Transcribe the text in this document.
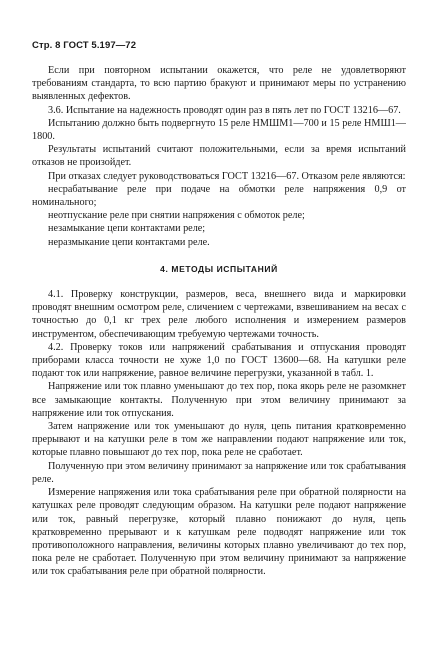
Стр. 8 ГОСТ 5.197—72

Если при повторном испытании окажется, что реле не удовлетворяют требованиям стандарта, то всю партию бракуют и принимают меры по устранению выявленных дефектов.

3.6. Испытание на надежность проводят один раз в пять лет по ГОСТ 13216—67.

Испытанию должно быть подвергнуто 15 реле НМШМ1—700 и 15 реле НМШ1—1800.

Результаты испытаний считают положительными, если за время испытаний отказов не произойдет.

При отказах следует руководствоваться ГОСТ 13216—67. Отказом реле являются:

несрабатывание реле при подаче на обмотки реле напряжения 0,9 от номинального;

неотпускание реле при снятии напряжения с обмоток реле;

незамыкание цепи контактами реле;

неразмыкание цепи контактами реле.

4. МЕТОДЫ ИСПЫТАНИЙ

4.1. Проверку конструкции, размеров, веса, внешнего вида и маркировки проводят внешним осмотром реле, сличением с чертежами, взвешиванием на весах с точностью до 0,1 кг трех реле любого исполнения и измерением размеров инструментом, обеспечивающим требуемую чертежами точность.

4.2. Проверку токов или напряжений срабатывания и отпускания проводят приборами класса точности не хуже 1,0 по ГОСТ 13600—68. На катушки реле подают ток или напряжение, равное величине перегрузки, указанной в табл. 1.

Напряжение или ток плавно уменьшают до тех пор, пока якорь реле не разомкнет все замыкающие контакты. Полученную при этом величину принимают за напряжение или ток отпускания.

Затем напряжение или ток уменьшают до нуля, цепь питания кратковременно прерывают и на катушки реле в том же направлении подают напряжение или ток, которые плавно повышают до тех пор, пока реле не сработает.

Полученную при этом величину принимают за напряжение или ток срабатывания реле.

Измерение напряжения или тока срабатывания реле при обратной полярности на катушках реле проводят следующим образом. На катушки реле подают напряжение или ток, равный перегрузке, который плавно понижают до нуля, цепь кратковременно прерывают и к катушкам реле подводят напряжение или ток противоположного направления, величины которых плавно увеличивают до тех пор, пока реле не сработает. Полученную при этом величину принимают за напряжение или ток срабатывания реле при обратной полярности.
